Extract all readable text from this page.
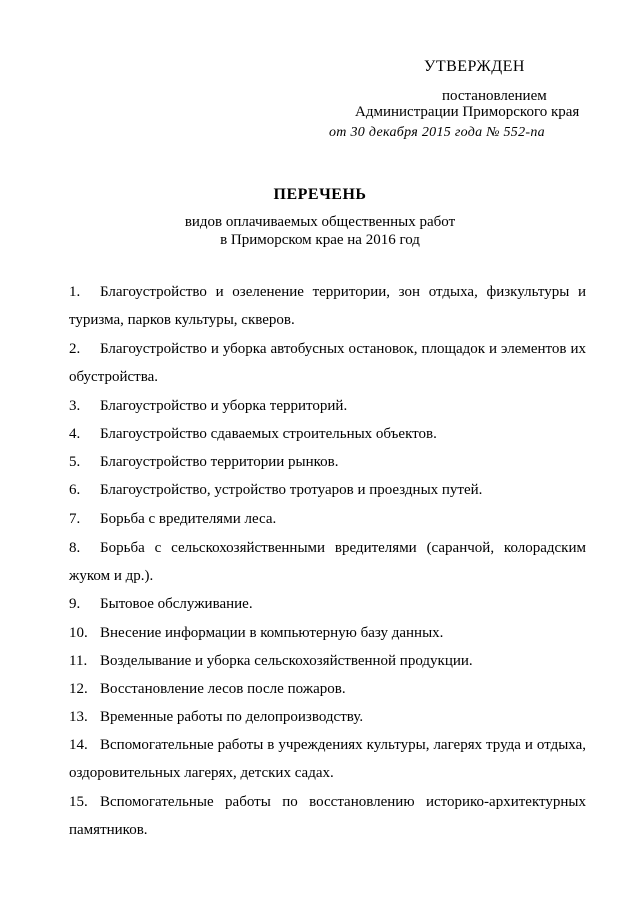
УТВЕРЖДЕН
постановлением
Администрации Приморского края
от 30 декабря 2015 года № 552-па
ПЕРЕЧЕНЬ
видов оплачиваемых общественных работ
в Приморском крае на 2016 год
1.	Благоустройство и озеленение территории, зон отдыха, физкультуры и туризма, парков культуры, скверов.
2.	Благоустройство и уборка автобусных остановок, площадок и элементов их обустройства.
3.	Благоустройство и уборка территорий.
4.	Благоустройство сдаваемых строительных объектов.
5.	Благоустройство территории рынков.
6.	Благоустройство, устройство тротуаров и проездных путей.
7.	Борьба с вредителями леса.
8.	Борьба с сельскохозяйственными вредителями (саранчой, колорадским жуком и др.).
9.	Бытовое обслуживание.
10. Внесение информации в компьютерную базу данных.
11. Возделывание и уборка сельскохозяйственной продукции.
12. Восстановление лесов после пожаров.
13. Временные работы по делопроизводству.
14. Вспомогательные работы в учреждениях культуры, лагерях труда и отдыха, оздоровительных лагерях, детских садах.
15. Вспомогательные работы по восстановлению историко-архитектурных памятников.
